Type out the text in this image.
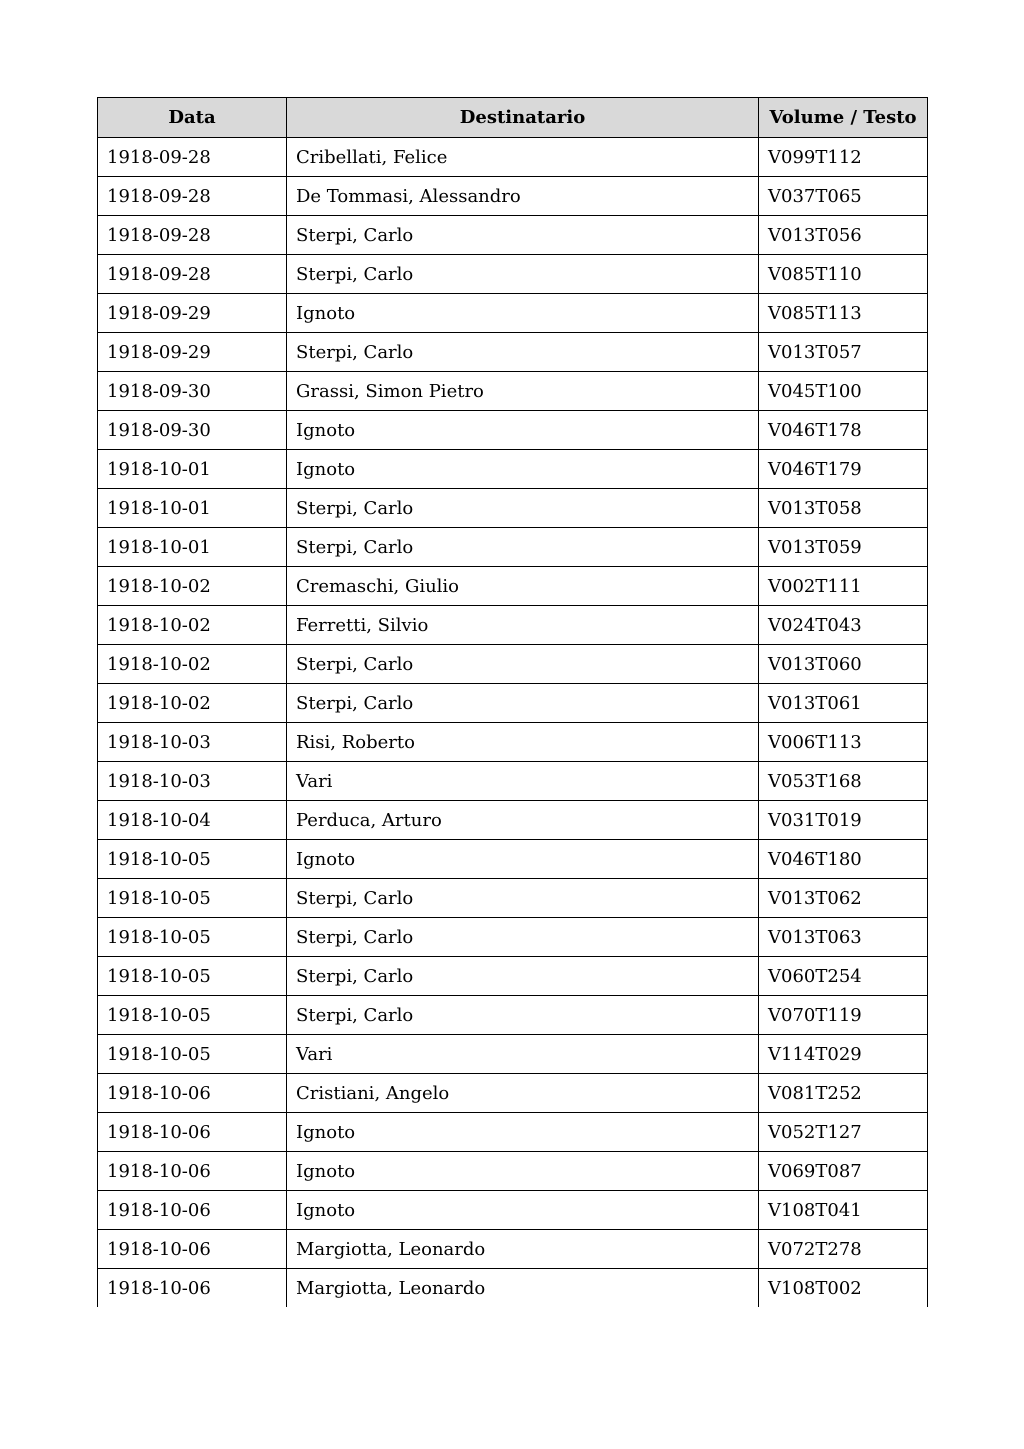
Data	Destinatario	Volume / Testo
1918-09-28	Cribellati, Felice	V099T112
1918-09-28	De Tommasi, Alessandro	V037T065
1918-09-28	Sterpi, Carlo	V013T056
1918-09-28	Sterpi, Carlo	V085T110
1918-09-29	Ignoto	V085T113
1918-09-29	Sterpi, Carlo	V013T057
1918-09-30	Grassi, Simon Pietro	V045T100
1918-09-30	Ignoto	V046T178
1918-10-01	Ignoto	V046T179
1918-10-01	Sterpi, Carlo	V013T058
1918-10-01	Sterpi, Carlo	V013T059
1918-10-02	Cremaschi, Giulio	V002T111
1918-10-02	Ferretti, Silvio	V024T043
1918-10-02	Sterpi, Carlo	V013T060
1918-10-02	Sterpi, Carlo	V013T061
1918-10-03	Risi, Roberto	V006T113
1918-10-03	Vari	V053T168
1918-10-04	Perduca, Arturo	V031T019
1918-10-05	Ignoto	V046T180
1918-10-05	Sterpi, Carlo	V013T062
1918-10-05	Sterpi, Carlo	V013T063
1918-10-05	Sterpi, Carlo	V060T254
1918-10-05	Sterpi, Carlo	V070T119
1918-10-05	Vari	V114T029
1918-10-06	Cristiani, Angelo	V081T252
1918-10-06	Ignoto	V052T127
1918-10-06	Ignoto	V069T087
1918-10-06	Ignoto	V108T041
1918-10-06	Margiotta, Leonardo	V072T278
1918-10-06	Margiotta, Leonardo	V108T002
